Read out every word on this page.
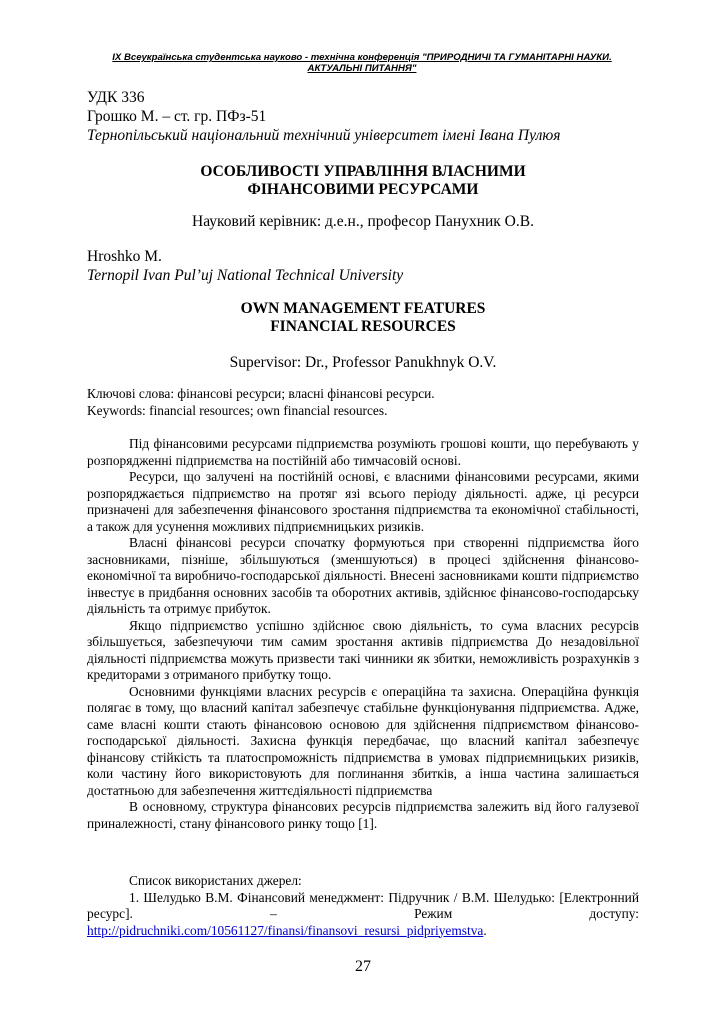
IX Всеукраїнська студентська науково - технічна конференція "ПРИРОДНИЧІ ТА ГУМАНІТАРНІ НАУКИ.
АКТУАЛЬНІ ПИТАННЯ"
УДК 336
Грошко М. – ст. гр. ПФз-51
Тернопільський національний технічний університет імені Івана Пулюя
ОСОБЛИВОСТІ УПРАВЛІННЯ ВЛАСНИМИ
ФІНАНСОВИМИ РЕСУРСАМИ
Науковий керівник: д.е.н., професор Панухник О.В.
Hroshko M.
Ternopil Ivan Pul’uj National Technical University
OWN MANAGEMENT FEATURES
FINANCIAL RESOURCES
Supervisor: Dr., Professor Panukhnyk O.V.
Ключові слова: фінансові ресурси; власні фінансові ресурси.
Keywords: financial resources; own financial resources.

Під фінансовими ресурсами підприємства розуміють грошові кошти, що перебувають у розпорядженні підприємства на постійній або тимчасовій основі.

Ресурси, що залучені на постійній основі, є власними фінансовими ресурсами, якими розпоряджається підприємство на протяг язі всього періоду діяльності. адже, ці ресурси призначені для забезпечення фінансового зростання підприємства та економічної стабільності, а також для усунення можливих підприємницьких ризиків.

Власні фінансові ресурси спочатку формуються при створенні підприємства його засновниками, пізніше, збільшуються (зменшуються) в процесі здійснення фінансово-економічної та виробничо-господарської діяльності. Внесені засновниками кошти підприємство інвестує в придбання основних засобів та оборотних активів, здійснює фінансово-господарську діяльність та отримує прибуток.

Якщо підприємство успішно здійснює свою діяльність, то сума власних ресурсів збільшується, забезпечуючи тим самим зростання активів підприємства До незадовільної діяльності підприємства можуть призвести такі чинники як збитки, неможливість розрахунків з кредиторами з отриманого прибутку тощо.

Основними функціями власних ресурсів є операційна та захисна. Операційна функція полягає в тому, що власний капітал забезпечує стабільне функціонування підприємства. Адже, саме власні кошти стають фінансовою основою для здійснення підприємством фінансово-господарської діяльності. Захисна функція передбачає, що власний капітал забезпечує фінансову стійкість та платоспроможність підприємства в умовах підприємницьких ризиків, коли частину його використовують для поглинання збитків, а інша частина залишається достатньою для забезпечення життєдіяльності підприємства

В основному, структура фінансових ресурсів підприємства залежить від його галузевої приналежності, стану фінансового ринку тощо [1].

Список використаних джерел:

1. Шелудько В.М. Фінансовий менеджмент: Підручник / В.М. Шелудько: [Електронний ресурс]. – Режим доступу: http://pidruchniki.com/10561127/finansi/finansovi_resursi_pidpriyemstva.

27
